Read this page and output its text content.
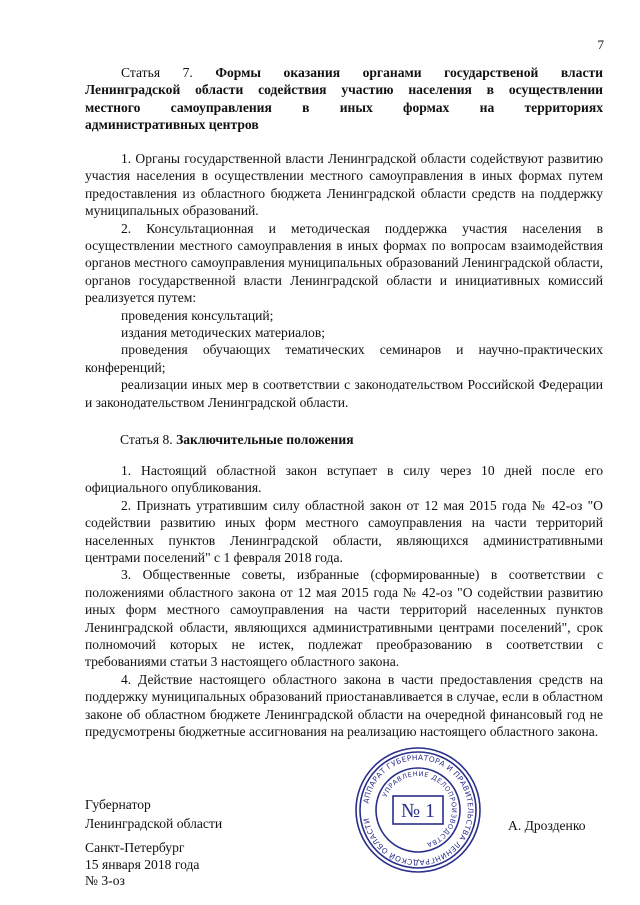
7
Статья 7. Формы оказания органами государственой власти
Ленинградской области содействия участию населения в осуществлении
местного самоуправления в иных формах на территориях
административных центров

1. Органы государственной власти Ленинградской области содействуют развитию участия населения в осуществлении местного самоуправления в иных формах путем предоставления из областного бюджета Ленинградской области средств на поддержку муниципальных образований.

2. Консультационная и методическая поддержка участия населения в осуществлении местного самоуправления в иных формах по вопросам взаимодействия органов местного самоуправления муниципальных образований Ленинградской области, органов государственной власти Ленинградской области и инициативных комиссий реализуется путем:

проведения консультаций;

издания методических материалов;

проведения обучающих тематических семинаров и научно-практических конференций;

реализации иных мер в соответствии с законодательством Российской Федерации и законодательством Ленинградской области.

Статья 8. Заключительные положения

1. Настоящий областной закон вступает в силу через 10 дней после его официального опубликования.

2. Признать утратившим силу областной закон от 12 мая 2015 года № 42-оз "О содействии развитию иных форм местного самоуправления на части территорий населенных пунктов Ленинградской области, являющихся административными центрами поселений" с 1 февраля 2018 года.

3. Общественные советы, избранные (сформированные) в соответствии с положениями областного закона от 12 мая 2015 года № 42-оз "О содействии развитию иных форм местного самоуправления на части территорий населенных пунктов Ленинградской области, являющихся административными центрами поселений", срок полномочий которых не истек, подлежат преобразованию в соответствии с требованиями статьи 3 настоящего областного закона.

4. Действие настоящего областного закона в части предоставления средств на поддержку муниципальных образований приостанавливается в случае, если в областном законе об областном бюджете Ленинградской области на очередной финансовый год не предусмотрены бюджетные ассигнования на реализацию настоящего областного закона.

Губернатор
Ленинградской области	А. Дрозденко
АППАРАТ ГУБЕРНАТОРА И ПРАВИТЕЛЬСТВА ЛЕНИНГРАДСКОЙ ОБЛАСТИ
УПРАВЛЕНИЕ ДЕЛОПРОИЗВОДСТВА
№ 1
Санкт-Петербург
15 января 2018 года
№ 3-оз
